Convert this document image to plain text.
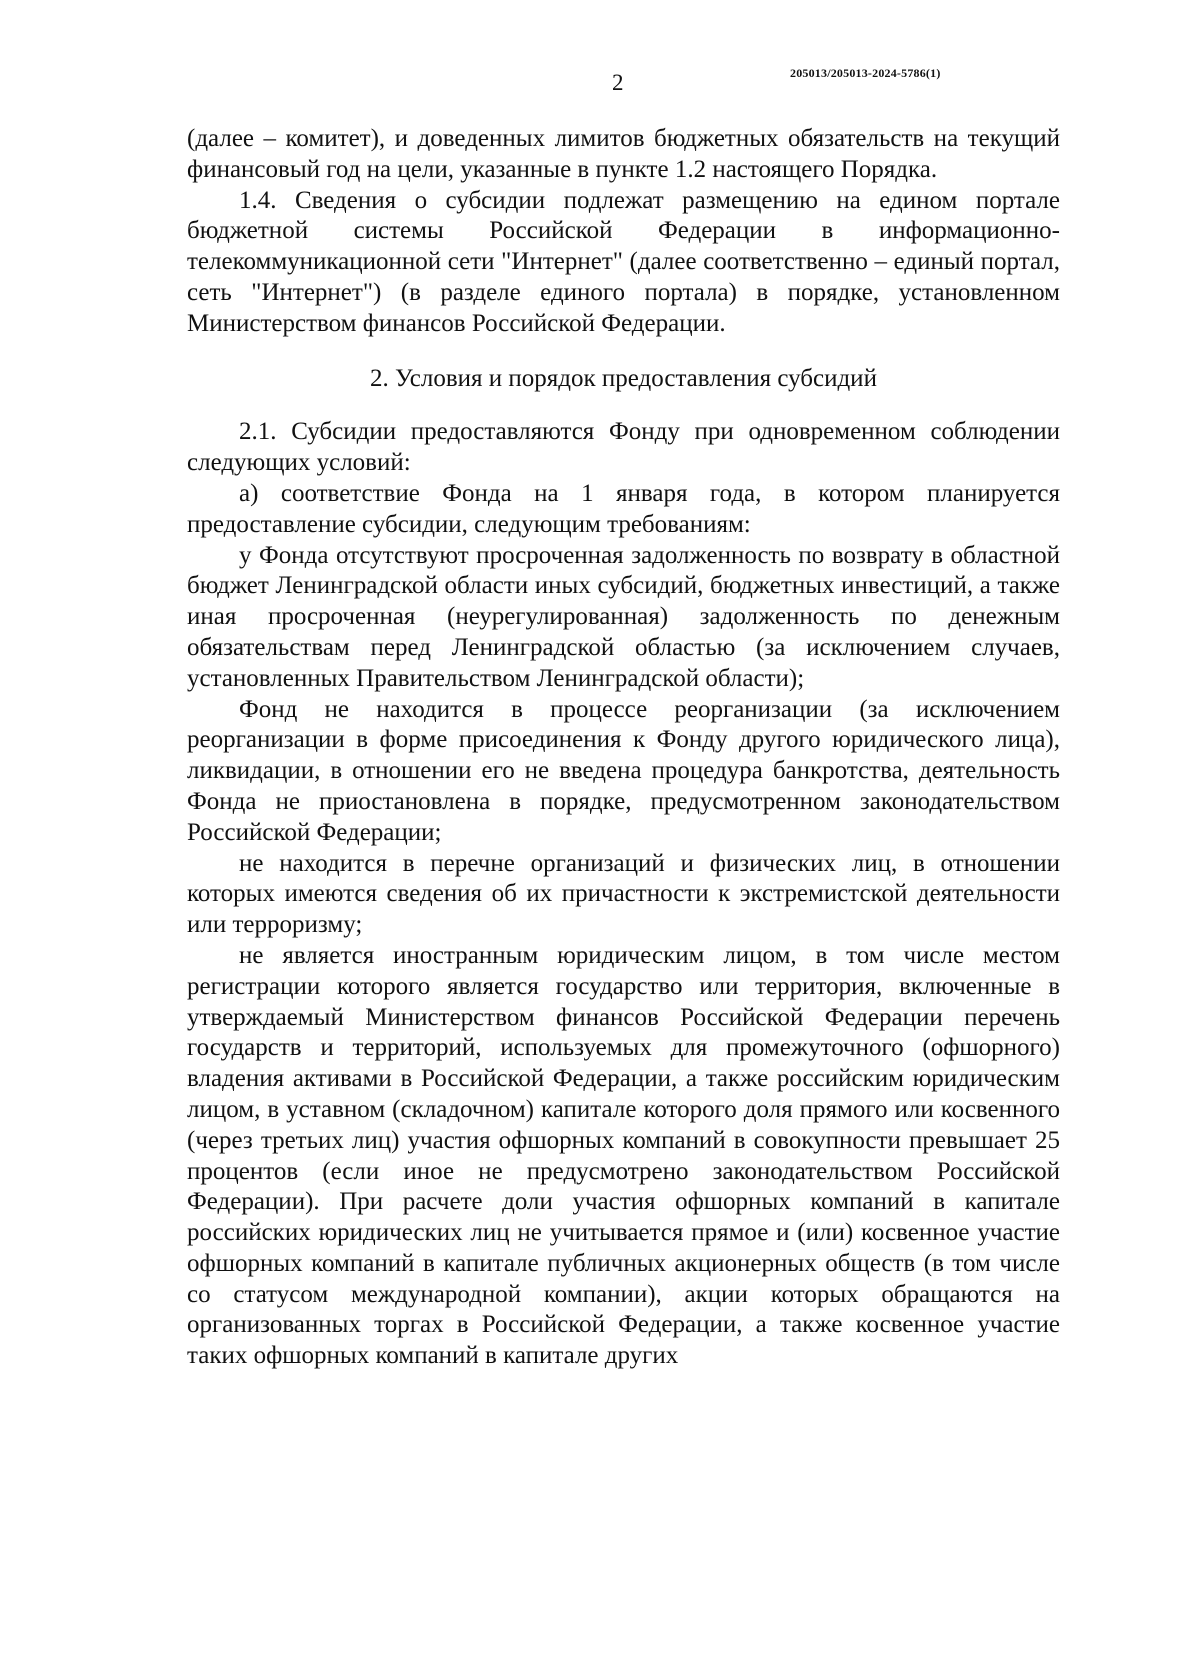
2	205013/205013-2024-5786(1)

(далее – комитет), и доведенных лимитов бюджетных обязательств на текущий финансовый год на цели, указанные в пункте 1.2 настоящего Порядка.

1.4. Сведения о субсидии подлежат размещению на едином портале бюджетной системы Российской Федерации в информационно-телекоммуникационной сети "Интернет" (далее соответственно – единый портал, сеть "Интернет") (в разделе единого портала) в порядке, установленном Министерством финансов Российской Федерации.

2. Условия и порядок предоставления субсидий

2.1. Субсидии предоставляются Фонду при одновременном соблюдении следующих условий:

а) соответствие Фонда на 1 января года, в котором планируется предоставление субсидии, следующим требованиям:

у Фонда отсутствуют просроченная задолженность по возврату в областной бюджет Ленинградской области иных субсидий, бюджетных инвестиций, а также иная просроченная (неурегулированная) задолженность по денежным обязательствам перед Ленинградской областью (за исключением случаев, установленных Правительством Ленинградской области);

Фонд не находится в процессе реорганизации (за исключением реорганизации в форме присоединения к Фонду другого юридического лица), ликвидации, в отношении его не введена процедура банкротства, деятельность Фонда не приостановлена в порядке, предусмотренном законодательством Российской Федерации;

не находится в перечне организаций и физических лиц, в отношении которых имеются сведения об их причастности к экстремистской деятельности или терроризму;

не является иностранным юридическим лицом, в том числе местом регистрации которого является государство или территория, включенные в утверждаемый Министерством финансов Российской Федерации перечень государств и территорий, используемых для промежуточного (офшорного) владения активами в Российской Федерации, а также российским юридическим лицом, в уставном (складочном) капитале которого доля прямого или косвенного (через третьих лиц) участия офшорных компаний в совокупности превышает 25 процентов (если иное не предусмотрено законодательством Российской Федерации). При расчете доли участия офшорных компаний в капитале российских юридических лиц не учитывается прямое и (или) косвенное участие офшорных компаний в капитале публичных акционерных обществ (в том числе со статусом международной компании), акции которых обращаются на организованных торгах в Российской Федерации, а также косвенное участие таких офшорных компаний в капитале других
